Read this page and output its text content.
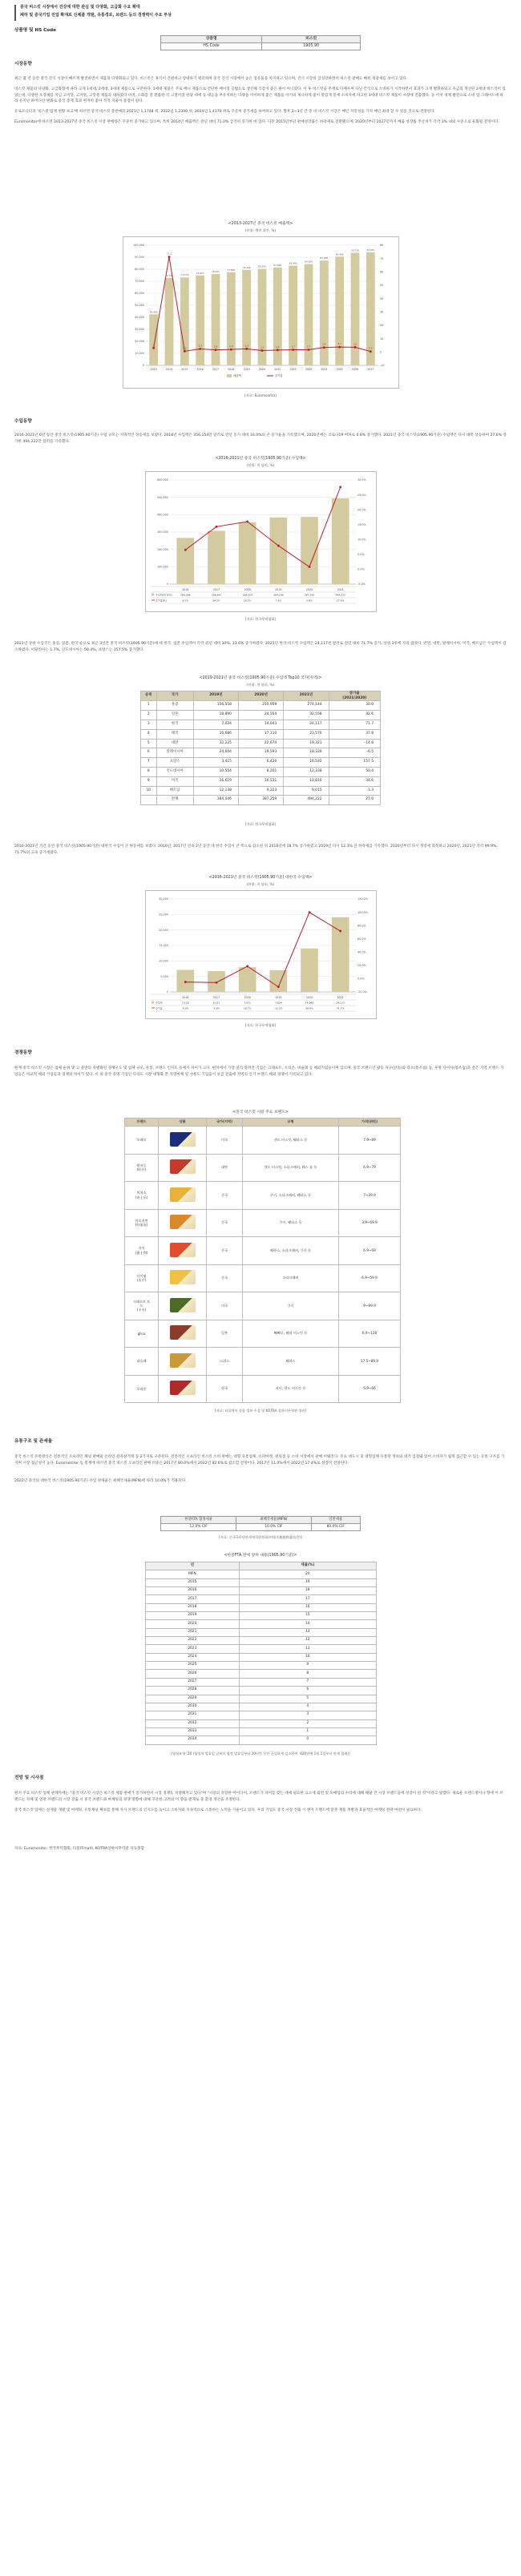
중국 비스킷 시장에서 건강에 대한 관심 및 다양화, 고급화 수요 확대
제하 및 중국기업 진입 확대로 신제품 개발, 유통경로, 브랜드 등의 경쟁력이 주요 부상
상품명 및 HS Code
상품명	비스킷
HS Code	1905.90
시장동향

최근 몇 년 동안 중국 건식 시장이 빠르게 발전하면서 제품의 다양화되고 있다. 비스킷은 휴식이 간편하고 장대하기 편리하며 중국 건식 시장에서 높은 점유율을 차지하고 있으며, 건식 시장의 급성장하면서 비스킷 판매도 빠른 성장세를 보이고 있다.

비스킷 제품의 다양화, 고급화함에 따라 크게 1세대, 2세대, 3세대 제품으로 구분한다. 1세대 제품은 주로 베니 제품으로 간단한 베이킹 공법으로 생산해 식감이 좋은 편이 아니었다. 이 후 비스킷을 주재로 다채우며 다닌 건식으로 소비하가 시작하면서 효과가 크게 발휘하되고 지금의 개선된 2세대 비스킷이 있었는데, 다양한 포장재를 지님 고미맛, 고자맛, 고맛분 제품과 대하였다 비켜, 소화를 잘 환불한 각 고열이었 한당 데에 등 대응을 부유치하는 다양을 이어하게 좋은 제품들 아기의 제니하게 좋어 맛있게 밑에 소비자에 파고한 3세대 비스킷 제품이 시장에 진출했다. 등 어치 경제 발전으로 소비 업 그레이드에 따라 유지난 하이디산 변화로 중국 총계 효과 현저히 좋아 적격 지울이 중점이 된다.

유로모니터의 '비스킷 업계 현황 보고'에 따르면 중국 비스킷 총판매의 2021년 1,1748 위, 2022년 1,2300 위, 2024년 1,4370 위로 꾸준히 증가세를 보여하고 있다. 향후 2~3년 간 증 비 비스킷 시장은 매년 지증성을 가져 매년 최대 할 수 있을 것으로 전망된다.

Euromonitor에 따르면 2013-2027년 중국 비스킷 시장 판매량은 꾸준히 증가하고 있으며, 특히 2014년 매출액은 전년 대비 71.0% 급격히 증가한 바 있다. 다만 2015년부터 판매성장률은 하락세로 전환됐으며, 2020년부터 2027년까지 매출 성장률 추산치가 각각 3% 내외 수준으로 둔화될 전망이다.

<2013-2027년 중국 비스킷 매출액>
(단위: 백만 위안, %)
0
10,000
20,000
30,000
40,000
50,000
60,000
70,000
80,000
90,000
100,000
-10
0
10
20
30
40
50
60
70
80
42,480
72,725	73,173
74,827	76,047
77,500
79,390	80,300	81,500
82,900
84,300
87,200
90,466
93,728	94,070
3
71.2
0.6
2.3	1.6	1.9	2.4
1.1	1.5	1.7	1.7
3.4	3.7	3.6
0.4
2013	2014	2015	2016	2017	2018	2019	2020	2021	2022	2023	2024	2025	2026	2027
매출액	증가율
[자료: Euromonitor]
수입동향
2016-2021년 6년 동안 중국 비스킷(1905.90기준) 수입 규모는 지속적인 상승세를 보였다. 2018년 수입액은 356,154만 달러로 전년 동기 대비 16.0%의 큰 증가율을 기록했으며, 2020년에는 코로나19 여파로 0.8% 증가했다. 2021년 중국 비스킷(1905.90기준) 수입액은 다시 대폭 상승하여 27.6% 증가한 494,222만 달러를 기록했다.
<2016-2021년 중국 비스킷(1905.90기준) 수입액>
(단위: 천 달러, %)
0
100,000
200,000
300,000
400,000
500,000
600,000
-5.0%
0.0%
5.0%
10.0%
15.0%
20.0%
25.0%
30.0%
2016	2017	2018	2019	2020	2021
수입액(천 달러)	266,368	306,897	356,154	384,196	387,259	494,222
증가율(%)	6.5%	14.3%	16.0%	7.9%	0.8%	27.6%
[자료: 한국무역협회]
2021년 상위 수입국은 홍콩, 일본, 한국 순으로 최근 3년간 중국 비스킷(1905.90기준)에 대 한국, 일본 수입액이 각각 전년 대비 30%, 33.6% 증가하였다. 2021년 한국 비스킷 수입액은 24,117천 달러로 전년 대비 71.7% 증가, 상위 3위에 자리 잡았다. 반면, 대만, 말레이시아, 미국, 베트남은 수입액이 감소하였다. 이탈리아는 1.7%, 인도네시아는 50.4%, 프랑스는 157.5% 증가했다.
<2019-2021년 중국 비스킷(1905.90기준) 수입액 Top10 국가(지역)>
(단위: 천 달러, %)
순위	국가	2019년	2020년	2021년	증가율
(2021/2020)
1	홍콩	156,558	210,959	274,144	30.0
2	일본	18,890	24,554	32,558	32.6
3	한국	7,024	14,043	24,117	71.7
4	태국	16,686	17,110	23,570	37.8
5	대만	32,225	22,674	19,321	-14.8
6	말레이시아	24,604	19,593	18,326	-6.5
7	프랑스	3,415	6,420	16,532	157.5
8	인도네시아	10,554	8,201	12,338	50.4
9	미국	16,619	16,531	10,810	-34.6
10	베트남	12,138	9,323	9,015	-3.3
	전체	384,046	387,259	494,222	27.6
[자료: 한국무역협회]
2016-2021년 기간 동안 중국 비스킷(1905.90기준) 대한국 수입이 큰 변동세를 보였다. 2016년, 2017년 연속 2년 동안 대 한국 수입이 큰 폭으로 감소된 뒤 2018년에 18.7% 증가하였고 2019년 다시 12.3% 큰 하락세를 기록했다. 2020년부터 다시 성장세 회복하고 2020년, 2021년 각각 99.9%, 71.7%의 고속 증가세였다.
<2016-2021년 중국 비스킷(1905.90기준) 대한국 수입액>
(단위: 천 달러, %)
0
5,000
10,000
15,000
20,000
25,000
30,000
-20.0%
0.0%
20.0%
40.0%
60.0%
80.0%
100.0%
120.0%
2016	2017	2018	2019	2020	2021
수입액	7,128	6,717	7,971	7,024	14,043	24,117
증가율	-5.0%	-5.8%	18.7%	-12.3%	99.9%	71.7%
[자료: 한국무역협회]
경쟁동향
현재 중국 비스킷 시장은 업체 순위 및 고 중반의 차별화된 경쟁구도 및 업체 규모, 유통, 브랜드 인지도 등에서 차이가 크다. 현지에서 가장 널리 알려진 기업은 크래프트, 오리온, 네슬레 등 해외기업들이며 있으며, 중국 브랜드인 광동 자구(산둥)와 라오(통조림) 등, 후방 다이사(통조림)과 같은 지역 브랜드 기업들은 비교적 해외 기업들과 경쟁의 차이가 있다. 이 외 중국 유명 기업인 다리도 시장 대형화 본 직영마케 및 사용도 기업들이 보급 진출에 지역의 인기 브랜드 해외 경쟁이 기록되고 있다.
<중국 비스킷 시장 주요 브랜드>
브랜드	상품	국가(지역)	유형	가격(위안)
오레오		미국	샌드 비스킷, 웨하스 등	7.9~89
왕즈루
(旺仔)		대만	샌드 비스킷, 소다크래커, 웨스 틀 등	6.9~79
치치소
(奇士乐)		중국	쿠키, 소다크래커, 웨하스 등	7~39.9
마오지먼
(好丽友)		중국	쿠키, 웨하스 등	3.9~69.9
자이
(嘉士利)		중국	웨하스, 소다크래커, 쿠키 등	6.9~69
타이핑
(太平)		중국	소다크래커	6.9~59.9
크래프트 토
드
(卡夫)		미국	쿠키	9~99.9
glico		일본	빼빼로, 웨하 비스킷 등	6.9~128
네슬레		스위스	웨하스	17.5~89.9
오리온		한국	파이, 샌드 비스킷 등	5.9~66
[자료: 티몰에서 상품 정보 수집 및 KOTRA 상하이무역관 정리]
유통구조 및 관세율

중국 비스킷 유통방식은 전통적인 오프라인 채널 판매와 온라인 전자상거래 등 2가지로 구분된다. 전통적인 오프라인 비스킷 소비 판매는 대형 유통업체, 슈퍼마켓, 편의점 등 소비 시장에서 판매 이뤄진다. 주요 대도시 및 대형업체 유통망 정보와 대거 입점돼 있어 소비자가 쉽게 접근할 수 있는 유통 구조를 가지며 시장 접근성이 높다. Euromonitor 등 통계에 따르면 중국 비스킷 오프라인 판매 비중은 2017년 80.0%에서 2022년 82.6%로 감소할 전망이다. 2017년 11.0%에서 2022년 17.4%로 성장이 전망된다.

2022년 중국의 대한국 비스킷(1905.90기준) 수입 관세율은 최혜국세율(MFN)에 따라 10.0%가 적용된다.

한중FTA 협정세율	최혜국세율(MFN)	일반세율
12.0% CIF	10.0% CIF	80.0% CIF
[자료: 중국국무원관세세칙위원회(中国关税税则委员会)]
<한중FTA 관세 양허 내용(1905.90기준)>
년	세율(%)
MFN	20
2015	19
2016	18
2017	17
2018	16
2019	15
2020	14
2021	13
2022	12
2023	11
2024	10
2025	9
2026	8
2027	7
2028	6
2029	5
2030	4
2031	3
2032	2
2033	1
2034	0
[양허유형: 20 (협정의 발효일 날짜의 협정 발효일부터 20년간 동안 균일하게 감소하여 제20년에 1월 1일부터 관세 철폐)]
전망 및 시사점

현지 주요 비스킷 업체 관계자에는 "중국 비스킷 시장은 비스킷 제품 판매가 증가하면서 시장 경쟁도 치열해지고 있다"며 "시장의 유망한 아이디어, 브랜드가 차이를 갖는 데에 필요한 요소에 외면 및 도매업의 수익에 대해 해당 건 시장 브랜드들에 성장이 된 것"이라고 말했다. 새로운 브랜드명이나 향에 이 브랜드는 자체 및 연관 브랜드의 시장 진출 시 중국 브랜드와 마케팅의 경쟁 방향에 대해 꾸준한 고려의 이 향을 전제로 중 환경 개선을 조정한다.

중국 비스킷 업체는 신제품 개발 및 마케팅, 유통채널 확보를 통해 자사 브랜드의 인지도를 높이고 소비자와 지속적으로 소통하는 노력을 기울이고 있다. 우리 기업도 중국 시장 진출 시 현지 트렌드에 맞춘 제품 개발과 효율적인 마케팅 전략 마련이 필요하다.

자료: Euromonitor, 한국무역협회, 티몰(Tmall), KOTRA상하이무역관 자료종합
